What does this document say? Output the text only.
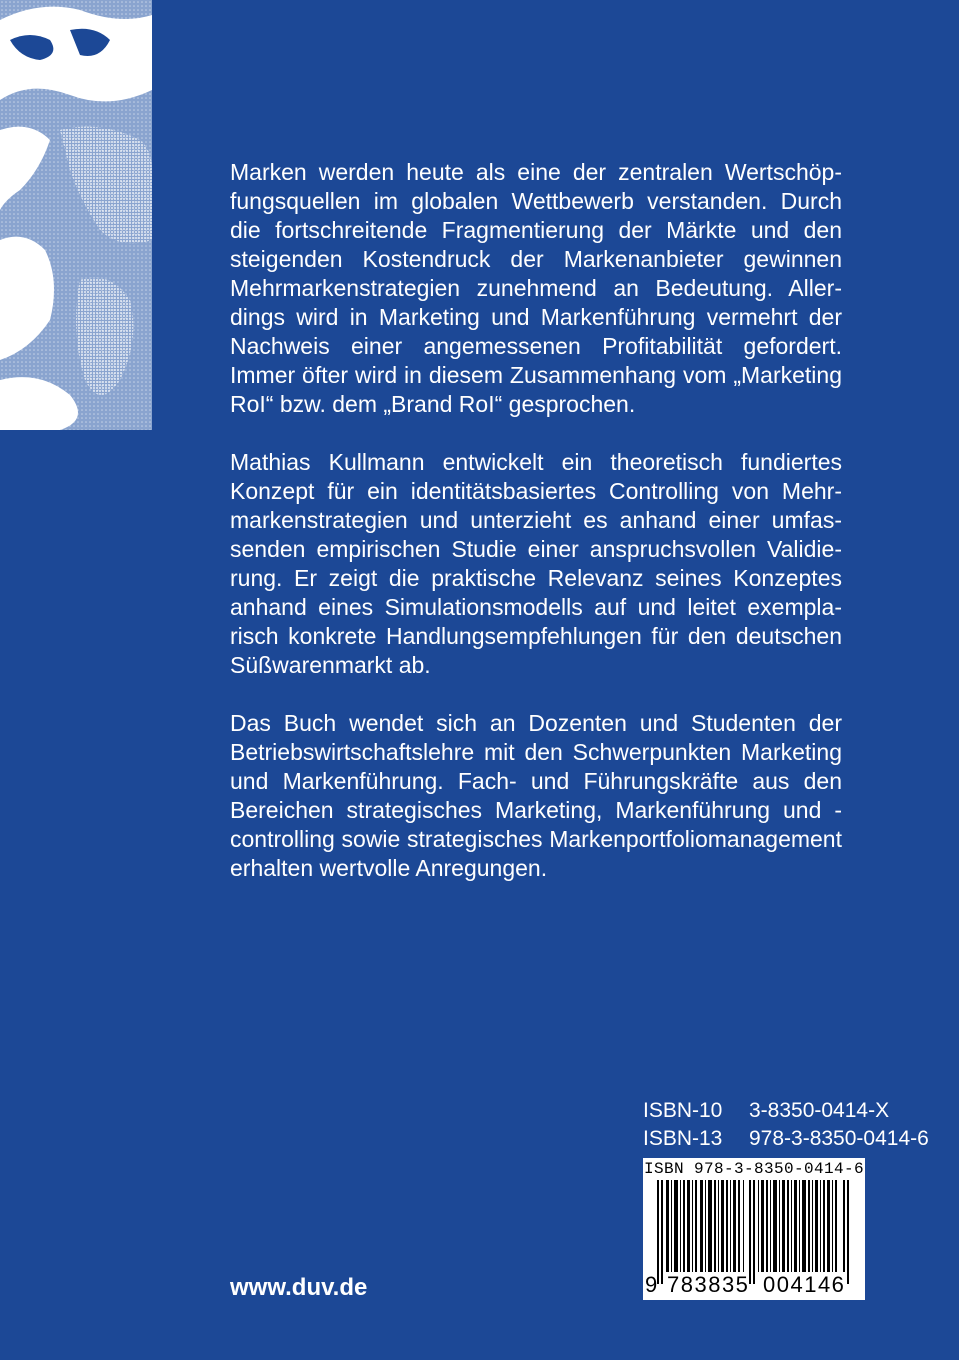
Marken werden heute als eine der zentralen Wertschöpfungsquellen im globalen Wettbewerb verstanden. Durch die fortschreitende Fragmentierung der Märkte und den steigenden Kostendruck der Markenanbieter gewinnen Mehrmarkenstrategien zunehmend an Bedeutung. Allerdings wird in Marketing und Markenführung vermehrt der Nachweis einer angemessenen Profitabilität gefordert. Immer öfter wird in diesem Zusammenhang vom „Marketing RoI“ bzw. dem „Brand RoI“ gesprochen.

Mathias Kullmann entwickelt ein theoretisch fundiertes Konzept für ein identitätsbasiertes Controlling von Mehrmarkenstrategien und unterzieht es anhand einer umfassenden empirischen Studie einer anspruchsvollen Validierung. Er zeigt die praktische Relevanz seines Konzeptes anhand eines Simulationsmodells auf und leitet exemplarisch konkrete Handlungsempfehlungen für den deutschen Süßwarenmarkt ab.

Das Buch wendet sich an Dozenten und Studenten der Betriebswirtschaftslehre mit den Schwerpunkten Marketing und Markenführung. Fach- und Führungskräfte aus den Bereichen strategisches Marketing, Markenführung und -controlling sowie strategisches Markenportfoliomanagement erhalten wertvolle Anregungen.

ISBN-10 3-8350-0414-X
ISBN-13 978-3-8350-0414-6
ISBN 978-3-8350-0414-6
9 783835 004146
www.duv.de
